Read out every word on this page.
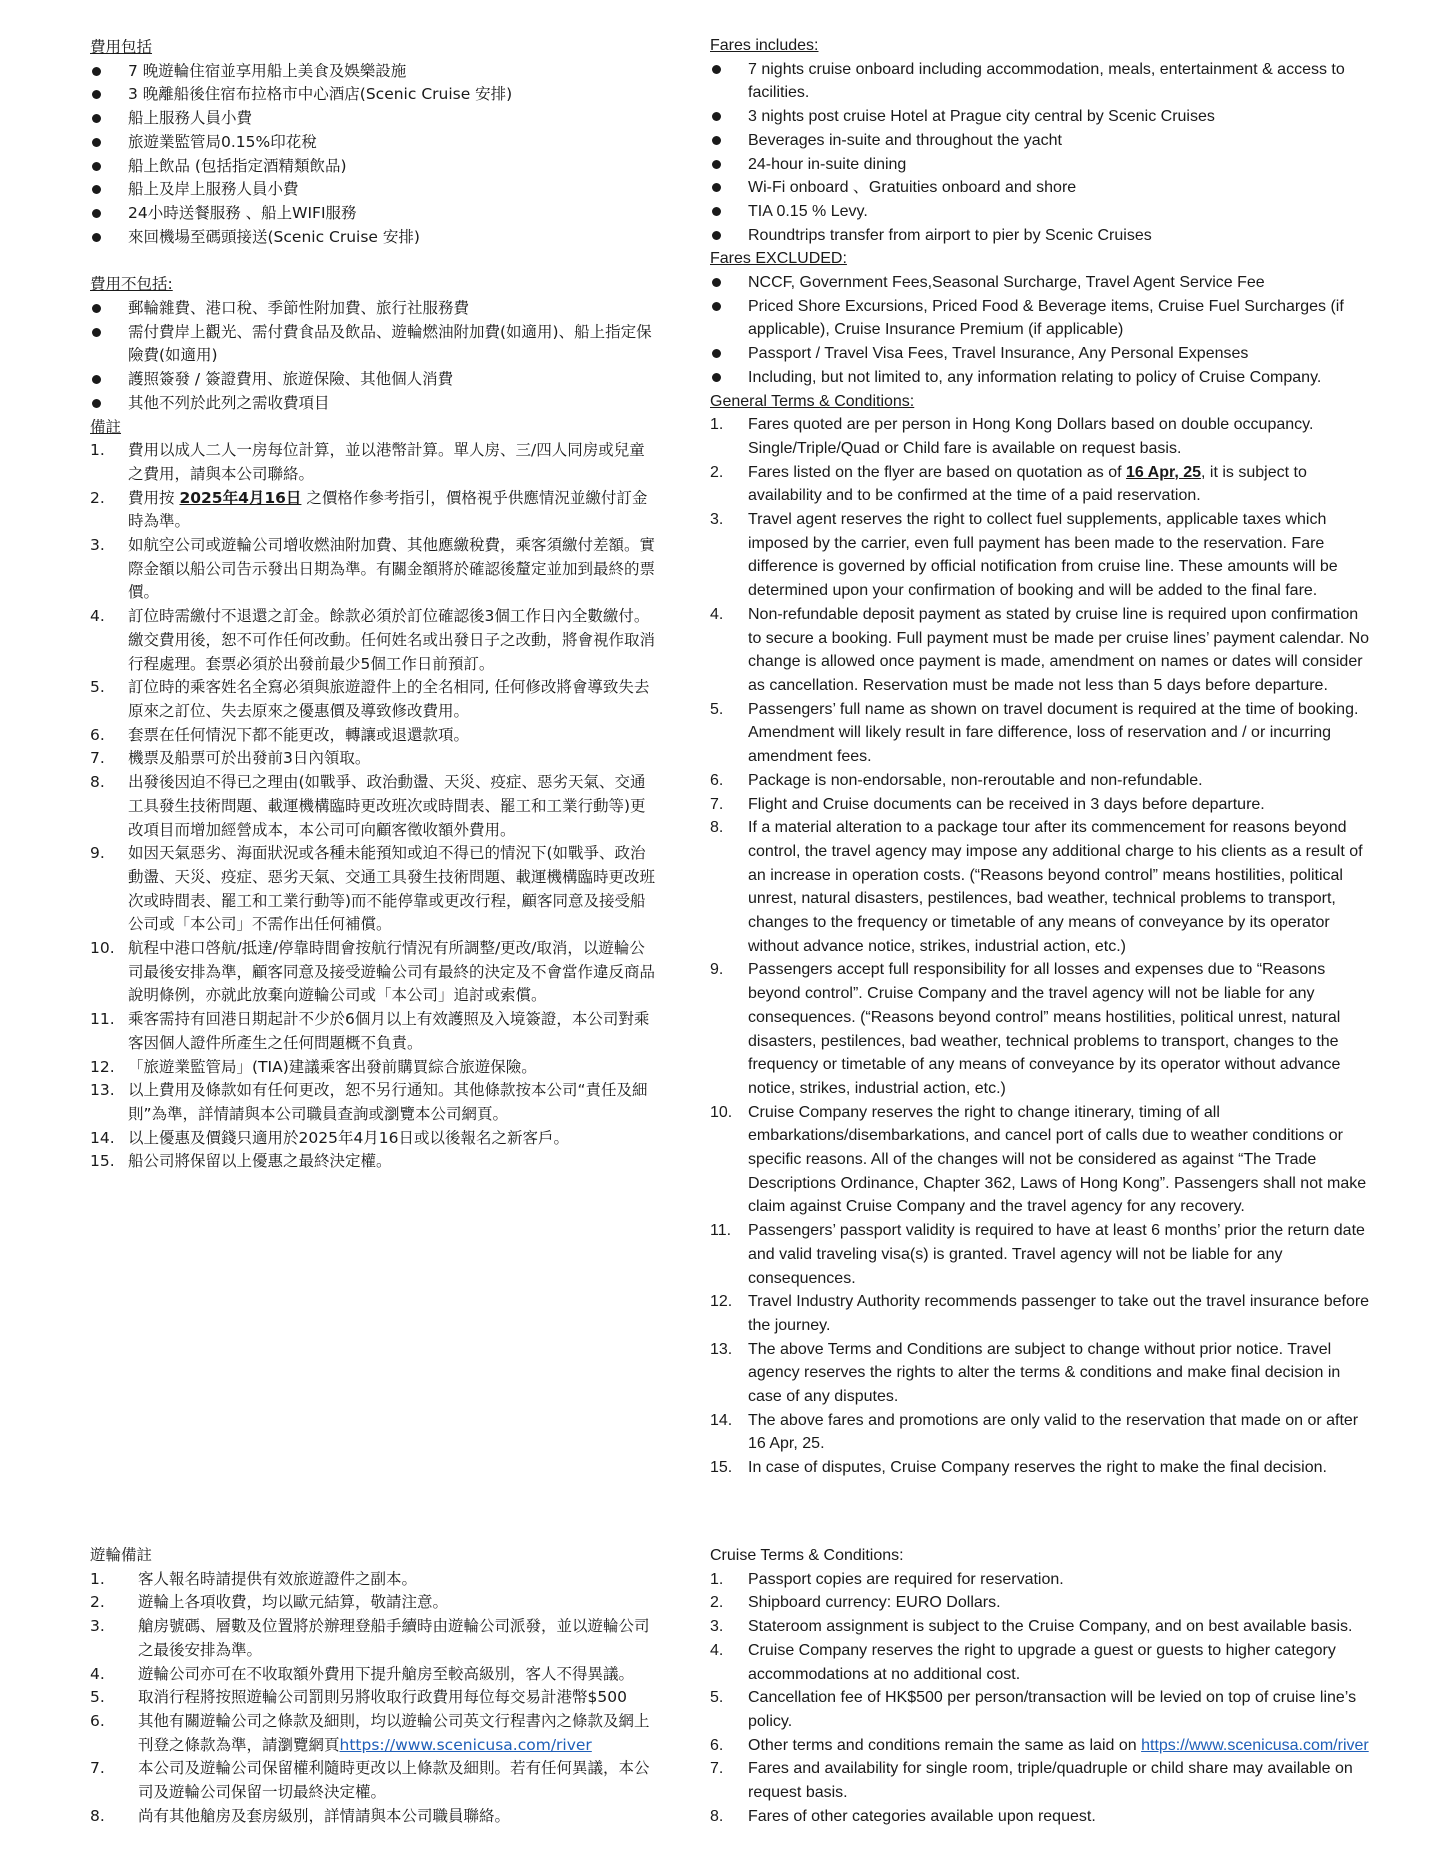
費用包括

7 晚遊輪住宿並享用船上美食及娛樂設施
3 晚離船後住宿布拉格市中心酒店(Scenic Cruise 安排)
船上服務人員小費
旅遊業監管局0.15%印花稅
船上飲品 (包括指定酒精類飲品)
船上及岸上服務人員小費
24小時送餐服務 、船上WIFI服務
來回機場至碼頭接送(Scenic Cruise 安排)

費用不包括:

郵輪雜費、港口稅、季節性附加費、旅行社服務費
需付費岸上觀光、需付費食品及飲品、遊輪燃油附加費(如適用)、船上指定保險費(如適用)
護照簽發 / 簽證費用、旅遊保險、其他個人消費
其他不列於此列之需收費項目

備註

1. 費用以成人二人一房每位計算，並以港幣計算。單人房、三/四人同房或兒童之費用，請與本公司聯絡。
2. 費用按 2025年4月16日 之價格作參考指引，價格視乎供應情況並繳付訂金時為準。
3. 如航空公司或遊輪公司增收燃油附加費、其他應繳稅費，乘客須繳付差額。實際金額以船公司告示發出日期為準。有關金額將於確認後釐定並加到最終的票價。
4. 訂位時需繳付不退還之訂金。餘款必須於訂位確認後3個工作日內全數繳付。繳交費用後，恕不可作任何改動。任何姓名或出發日子之改動，將會視作取消行程處理。套票必須於出發前最少5個工作日前預訂。
5. 訂位時的乘客姓名全寫必須與旅遊證件上的全名相同, 任何修改將會導致失去原來之訂位、失去原來之優惠價及導致修改費用。
6. 套票在任何情況下都不能更改，轉讓或退還款項。
7. 機票及船票可於出發前3日內領取。
8. 出發後因迫不得已之理由(如戰爭、政治動盪、天災、疫症、惡劣天氣、交通工具發生技術問題、載運機構臨時更改班次或時間表、罷工和工業行動等)更改項目而增加經營成本，本公司可向顧客徵收額外費用。
9. 如因天氣惡劣、海面狀況或各種未能預知或迫不得已的情況下(如戰爭、政治動盪、天災、疫症、惡劣天氣、交通工具發生技術問題、載運機構臨時更改班次或時間表、罷工和工業行動等)而不能停靠或更改行程，顧客同意及接受船公司或「本公司」不需作出任何補償。
10. 航程中港口啓航/抵達/停靠時間會按航行情況有所調整/更改/取消，以遊輪公司最後安排為準，顧客同意及接受遊輪公司有最終的決定及不會當作違反商品說明條例，亦就此放棄向遊輪公司或「本公司」追討或索償。
11. 乘客需持有回港日期起計不少於6個月以上有效護照及入境簽證，本公司對乘客因個人證件所產生之任何問題概不負責。
12. 「旅遊業監管局」(TIA)建議乘客出發前購買綜合旅遊保險。
13. 以上費用及條款如有任何更改，恕不另行通知。其他條款按本公司“責任及細則”為準，詳情請與本公司職員查詢或瀏覽本公司網頁。
14. 以上優惠及價錢只適用於2025年4月16日或以後報名之新客戶。
15. 船公司將保留以上優惠之最終決定權。

遊輪備註

1. 客人報名時請提供有效旅遊證件之副本。
2. 遊輪上各項收費，均以歐元結算，敬請注意。
3. 艙房號碼、層數及位置將於辦理登船手續時由遊輪公司派發，並以遊輪公司之最後安排為準。
4. 遊輪公司亦可在不收取額外費用下提升艙房至較高級別，客人不得異議。
5. 取消行程將按照遊輪公司罰則另將收取行政費用每位每交易計港幣$500
6. 其他有關遊輪公司之條款及細則，均以遊輪公司英文行程書內之條款及網上刊登之條款為準，請瀏覽網頁https://www.scenicusa.com/river
7. 本公司及遊輪公司保留權利隨時更改以上條款及細則。若有任何異議，本公司及遊輪公司保留一切最終決定權。
8. 尚有其他艙房及套房級別，詳情請與本公司職員聯絡。

Fares includes:

7 nights cruise onboard including accommodation, meals, entertainment & access to facilities.
3 nights post cruise Hotel at Prague city central by Scenic Cruises
Beverages in-suite and throughout the yacht
24-hour in-suite dining
Wi-Fi onboard 、Gratuities onboard and shore
TIA 0.15 % Levy.
Roundtrips transfer from airport to pier by Scenic Cruises

Fares EXCLUDED:

NCCF, Government Fees,Seasonal Surcharge, Travel Agent Service Fee
Priced Shore Excursions, Priced Food & Beverage items, Cruise Fuel Surcharges (if applicable), Cruise Insurance Premium (if applicable)
Passport / Travel Visa Fees, Travel Insurance, Any Personal Expenses
Including, but not limited to, any information relating to policy of Cruise Company.

General Terms & Conditions:

1. Fares quoted are per person in Hong Kong Dollars based on double occupancy. Single/Triple/Quad or Child fare is available on request basis.
2. Fares listed on the flyer are based on quotation as of 16 Apr, 25, it is subject to availability and to be confirmed at the time of a paid reservation.
3. Travel agent reserves the right to collect fuel supplements, applicable taxes which imposed by the carrier, even full payment has been made to the reservation. Fare difference is governed by official notification from cruise line. These amounts will be determined upon your confirmation of booking and will be added to the final fare.
4. Non-refundable deposit payment as stated by cruise line is required upon confirmation to secure a booking. Full payment must be made per cruise lines’ payment calendar. No change is allowed once payment is made, amendment on names or dates will consider as cancellation. Reservation must be made not less than 5 days before departure.
5. Passengers’ full name as shown on travel document is required at the time of booking. Amendment will likely result in fare difference, loss of reservation and / or incurring amendment fees.
6. Package is non-endorsable, non-reroutable and non-refundable.
7. Flight and Cruise documents can be received in 3 days before departure.
8. If a material alteration to a package tour after its commencement for reasons beyond control, the travel agency may impose any additional charge to his clients as a result of an increase in operation costs. (“Reasons beyond control” means hostilities, political unrest, natural disasters, pestilences, bad weather, technical problems to transport, changes to the frequency or timetable of any means of conveyance by its operator without advance notice, strikes, industrial action, etc.)
9. Passengers accept full responsibility for all losses and expenses due to “Reasons beyond control”. Cruise Company and the travel agency will not be liable for any consequences. (“Reasons beyond control” means hostilities, political unrest, natural disasters, pestilences, bad weather, technical problems to transport, changes to the frequency or timetable of any means of conveyance by its operator without advance notice, strikes, industrial action, etc.)
10. Cruise Company reserves the right to change itinerary, timing of all embarkations/disembarkations, and cancel port of calls due to weather conditions or specific reasons. All of the changes will not be considered as against “The Trade Descriptions Ordinance, Chapter 362, Laws of Hong Kong”. Passengers shall not make claim against Cruise Company and the travel agency for any recovery.
11. Passengers’ passport validity is required to have at least 6 months’ prior the return date and valid traveling visa(s) is granted. Travel agency will not be liable for any consequences.
12. Travel Industry Authority recommends passenger to take out the travel insurance before the journey.
13. The above Terms and Conditions are subject to change without prior notice. Travel agency reserves the rights to alter the terms & conditions and make final decision in case of any disputes.
14. The above fares and promotions are only valid to the reservation that made on or after 16 Apr, 25.
15. In case of disputes, Cruise Company reserves the right to make the final decision.

Cruise Terms & Conditions:

1. Passport copies are required for reservation.
2. Shipboard currency: EURO Dollars.
3. Stateroom assignment is subject to the Cruise Company, and on best available basis.
4. Cruise Company reserves the right to upgrade a guest or guests to higher category accommodations at no additional cost.
5. Cancellation fee of HK$500 per person/transaction will be levied on top of cruise line’s policy.
6. Other terms and conditions remain the same as laid on https://www.scenicusa.com/river
7. Fares and availability for single room, triple/quadruple or child share may available on request basis.
8. Fares of other categories available upon request.
